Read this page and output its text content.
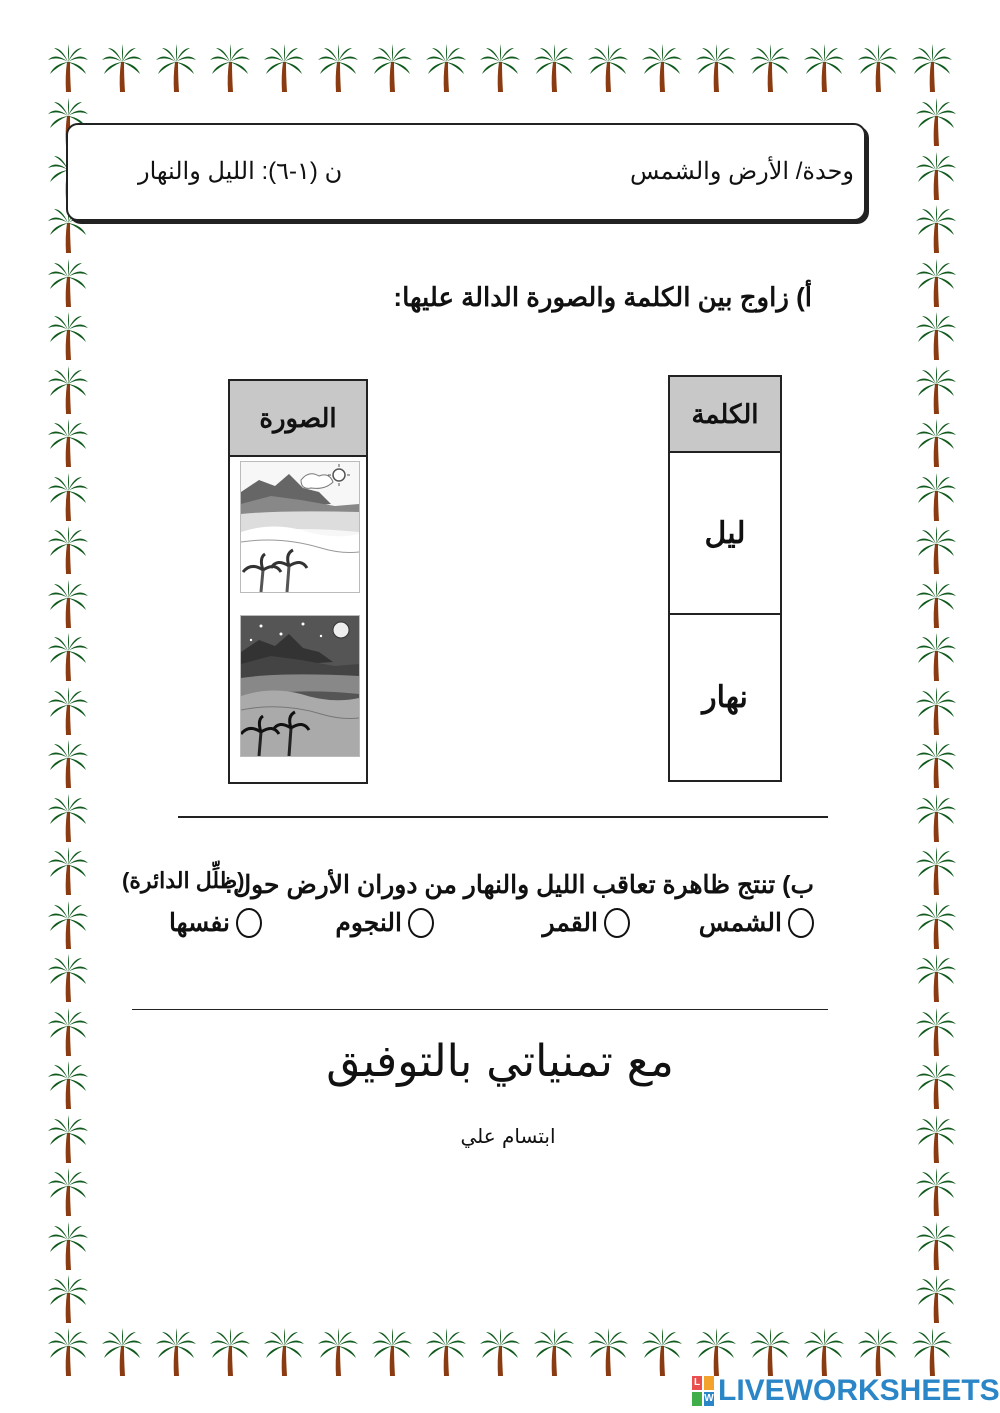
وحدة/ الأرض والشمس
ن (١-٦): الليل والنهار
أ) زاوج بين الكلمة والصورة الدالة عليها:
الكلمة
ليل
نهار
الصورة
ب) تنتج ظاهرة تعاقب الليل والنهار من دوران الأرض حول:
(ظلِّل الدائرة)
الشمس
القمر
النجوم
نفسها
مع تمنياتي بالتوفيق
ابتسام علي
L
W LIVEWORKSHEETS
